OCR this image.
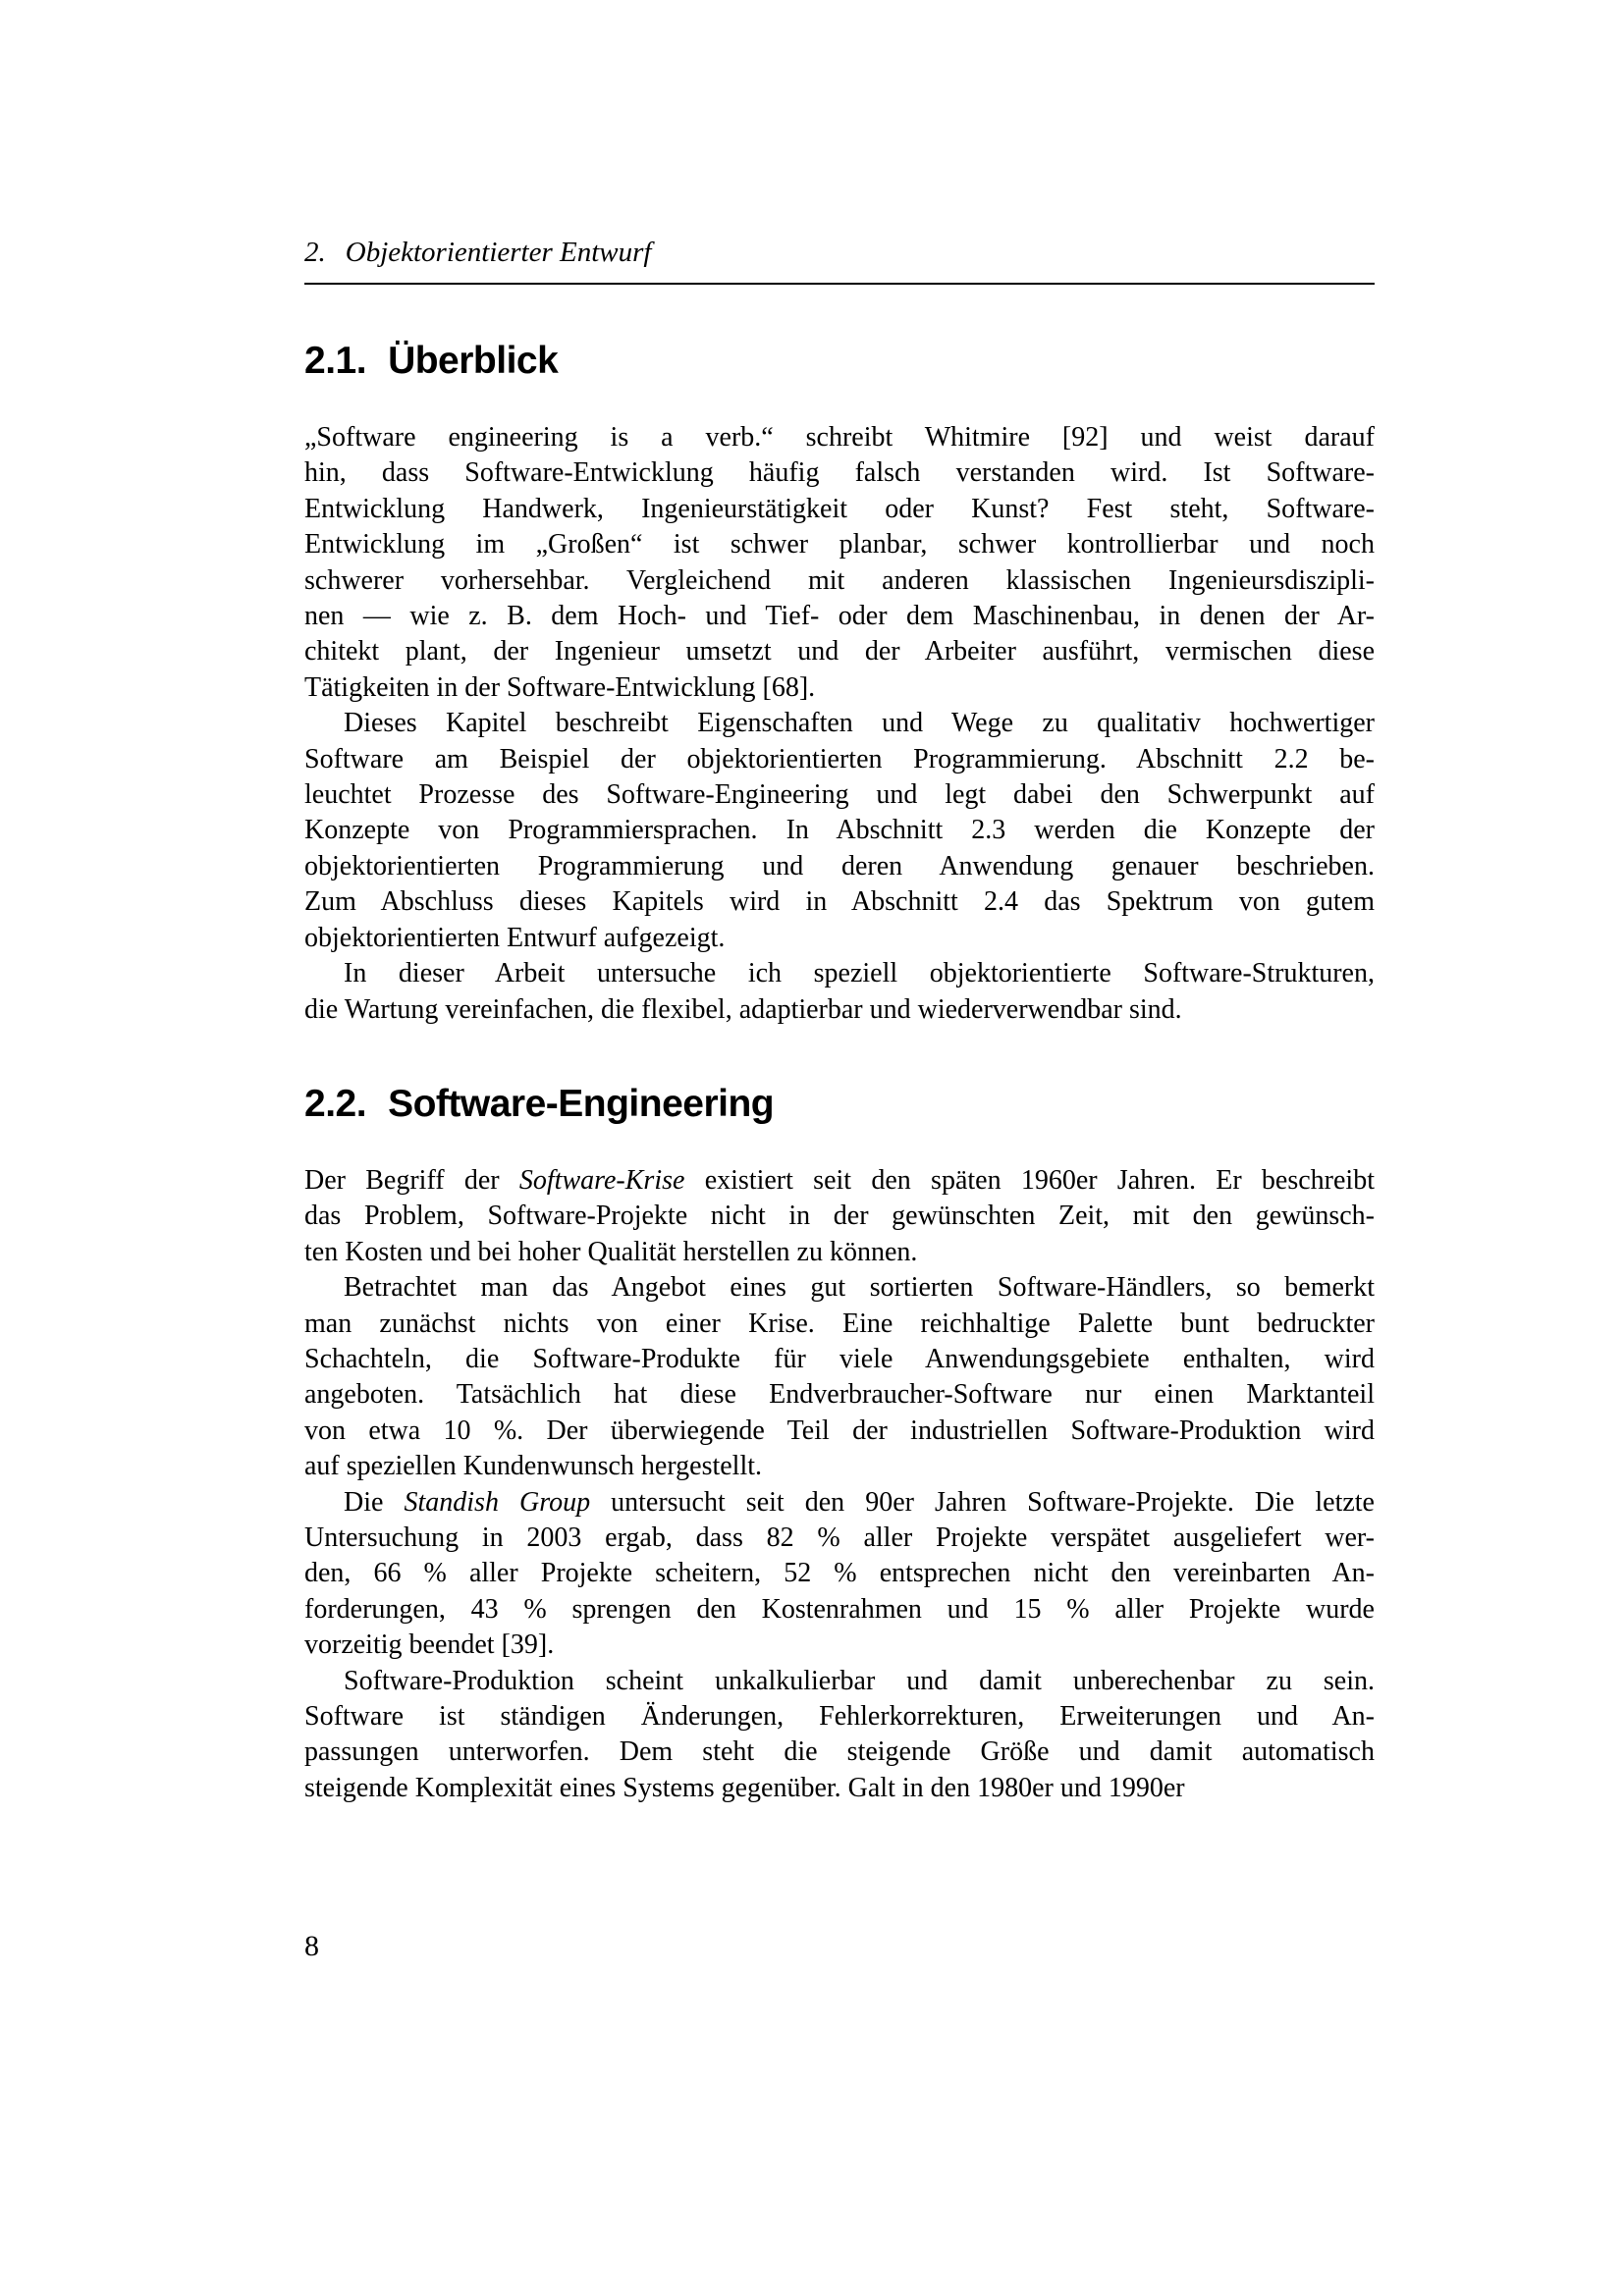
2. Objektorientierter Entwurf
2.1. Überblick

„Software engineering is a verb.“ schreibt Whitmire [92] und weist darauf
hin, dass Software-Entwicklung häufig falsch verstanden wird. Ist Software-
Entwicklung Handwerk, Ingenieurstätigkeit oder Kunst? Fest steht, Software-
Entwicklung im „Großen“ ist schwer planbar, schwer kontrollierbar und noch
schwerer vorhersehbar. Vergleichend mit anderen klassischen Ingenieursdiszipli-
nen — wie z. B. dem Hoch- und Tief- oder dem Maschinenbau, in denen der Ar-
chitekt plant, der Ingenieur umsetzt und der Arbeiter ausführt, vermischen diese
Tätigkeiten in der Software-Entwicklung [68].

Dieses Kapitel beschreibt Eigenschaften und Wege zu qualitativ hochwertiger
Software am Beispiel der objektorientierten Programmierung. Abschnitt 2.2 be-
leuchtet Prozesse des Software-Engineering und legt dabei den Schwerpunkt auf
Konzepte von Programmiersprachen. In Abschnitt 2.3 werden die Konzepte der
objektorientierten Programmierung und deren Anwendung genauer beschrieben.
Zum Abschluss dieses Kapitels wird in Abschnitt 2.4 das Spektrum von gutem
objektorientierten Entwurf aufgezeigt.

In dieser Arbeit untersuche ich speziell objektorientierte Software-Strukturen,
die Wartung vereinfachen, die flexibel, adaptierbar und wiederverwendbar sind.

2.2. Software-Engineering

Der Begriff der Software-Krise existiert seit den späten 1960er Jahren. Er beschreibt
das Problem, Software-Projekte nicht in der gewünschten Zeit, mit den gewünsch-
ten Kosten und bei hoher Qualität herstellen zu können.

Betrachtet man das Angebot eines gut sortierten Software-Händlers, so bemerkt
man zunächst nichts von einer Krise. Eine reichhaltige Palette bunt bedruckter
Schachteln, die Software-Produkte für viele Anwendungsgebiete enthalten, wird
angeboten. Tatsächlich hat diese Endverbraucher-Software nur einen Marktanteil
von etwa 10 %. Der überwiegende Teil der industriellen Software-Produktion wird
auf speziellen Kundenwunsch hergestellt.

Die Standish Group untersucht seit den 90er Jahren Software-Projekte. Die letzte
Untersuchung in 2003 ergab, dass 82 % aller Projekte verspätet ausgeliefert wer-
den, 66 % aller Projekte scheitern, 52 % entsprechen nicht den vereinbarten An-
forderungen, 43 % sprengen den Kostenrahmen und 15 % aller Projekte wurde
vorzeitig beendet [39].

Software-Produktion scheint unkalkulierbar und damit unberechenbar zu sein.
Software ist ständigen Änderungen, Fehlerkorrekturen, Erweiterungen und An-
passungen unterworfen. Dem steht die steigende Größe und damit automatisch
steigende Komplexität eines Systems gegenüber. Galt in den 1980er und 1990er

8
